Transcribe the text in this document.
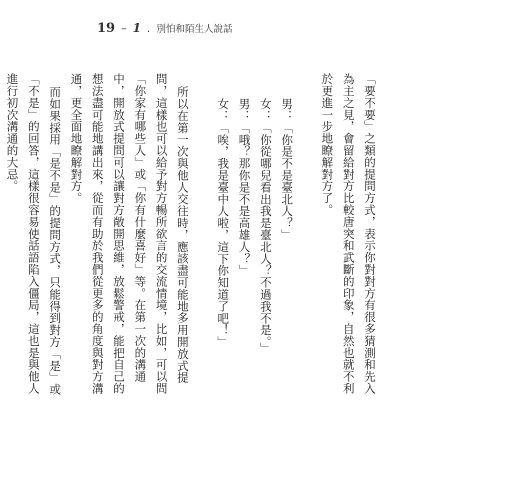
19 – 1 ．別怕和陌生人說話

「要不要」之類的提問方式，表示你對對方有很多猜測和先入為主之見，會留給對方比較唐突和武斷的印象，自然也就不利於更進一步地瞭解對方了。

男：「你是不是臺北人？」

女：「你從哪兒看出我是臺北人？不過我不是。」

男：「哦？那你是不是高雄人？」

女：「唉，我是臺中人啦，這下你知道了吧！」

所以在第一次與他人交往時，應該盡可能地多用開放式提問，這樣也可以給予對方暢所欲言的交流情境，比如，可以問「你家有哪些人」或「你有什麼喜好」等。在第一次的溝通中，開放式提問可以讓對方敞開思維，放鬆警戒，能把自己的想法盡可能地講出來，從而有助於我們從更多的角度與對方溝通，更全面地瞭解對方。

而如果採用「是不是」的提問方式，只能得到對方「是」或「不是」的回答，這樣很容易使話語陷入僵局，這也是與他人進行初次溝通的大忌。
